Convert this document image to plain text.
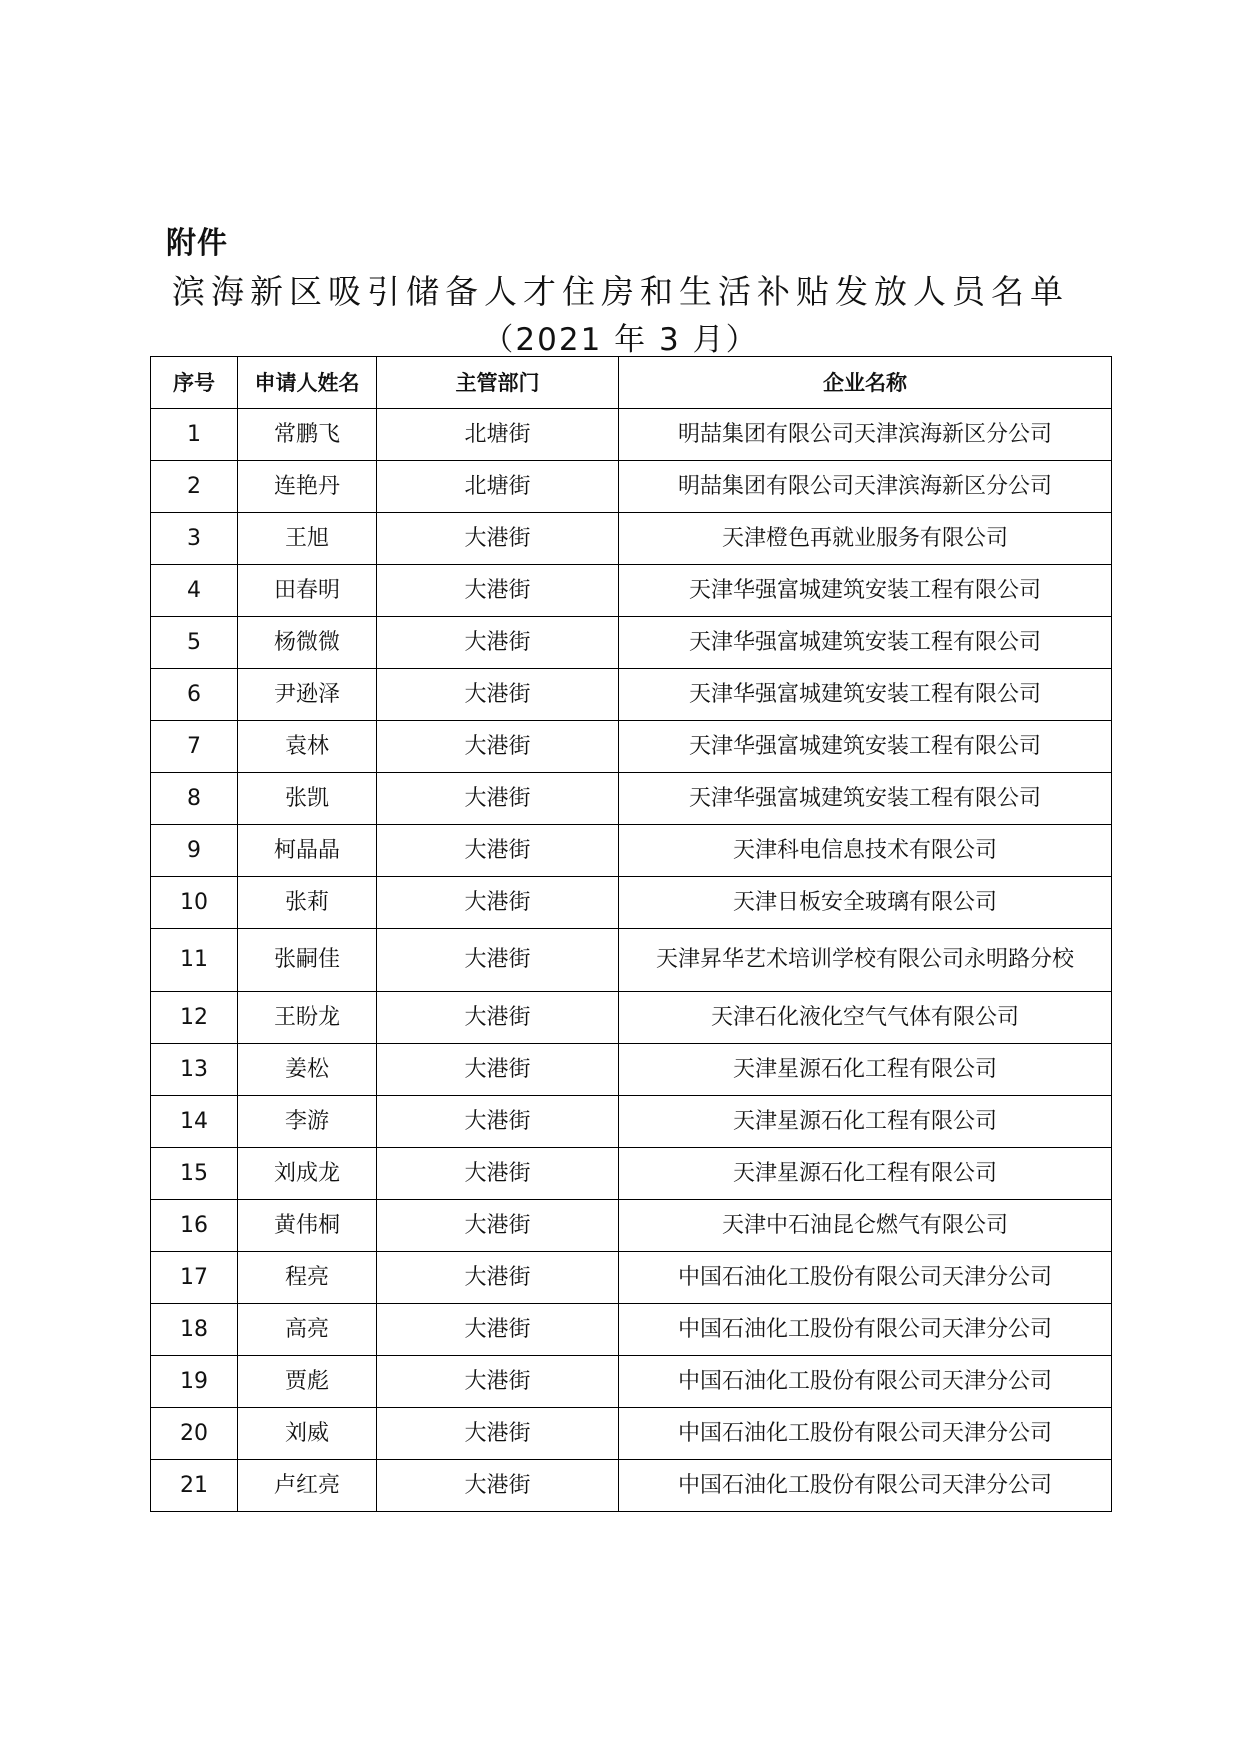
附件
滨海新区吸引储备人才住房和生活补贴发放人员名单
（2021 年 3 月）
序号	申请人姓名	主管部门	企业名称
1	常鹏飞	北塘街	明喆集团有限公司天津滨海新区分公司
2	连艳丹	北塘街	明喆集团有限公司天津滨海新区分公司
3	王旭	大港街	天津橙色再就业服务有限公司
4	田春明	大港街	天津华强富城建筑安装工程有限公司
5	杨微微	大港街	天津华强富城建筑安装工程有限公司
6	尹逊泽	大港街	天津华强富城建筑安装工程有限公司
7	袁林	大港街	天津华强富城建筑安装工程有限公司
8	张凯	大港街	天津华强富城建筑安装工程有限公司
9	柯晶晶	大港街	天津科电信息技术有限公司
10	张莉	大港街	天津日板安全玻璃有限公司
11	张嗣佳	大港街	天津昇华艺术培训学校有限公司永明路分校
12	王盼龙	大港街	天津石化液化空气气体有限公司
13	姜松	大港街	天津星源石化工程有限公司
14	李游	大港街	天津星源石化工程有限公司
15	刘成龙	大港街	天津星源石化工程有限公司
16	黄伟桐	大港街	天津中石油昆仑燃气有限公司
17	程亮	大港街	中国石油化工股份有限公司天津分公司
18	高亮	大港街	中国石油化工股份有限公司天津分公司
19	贾彪	大港街	中国石油化工股份有限公司天津分公司
20	刘威	大港街	中国石油化工股份有限公司天津分公司
21	卢红亮	大港街	中国石油化工股份有限公司天津分公司
